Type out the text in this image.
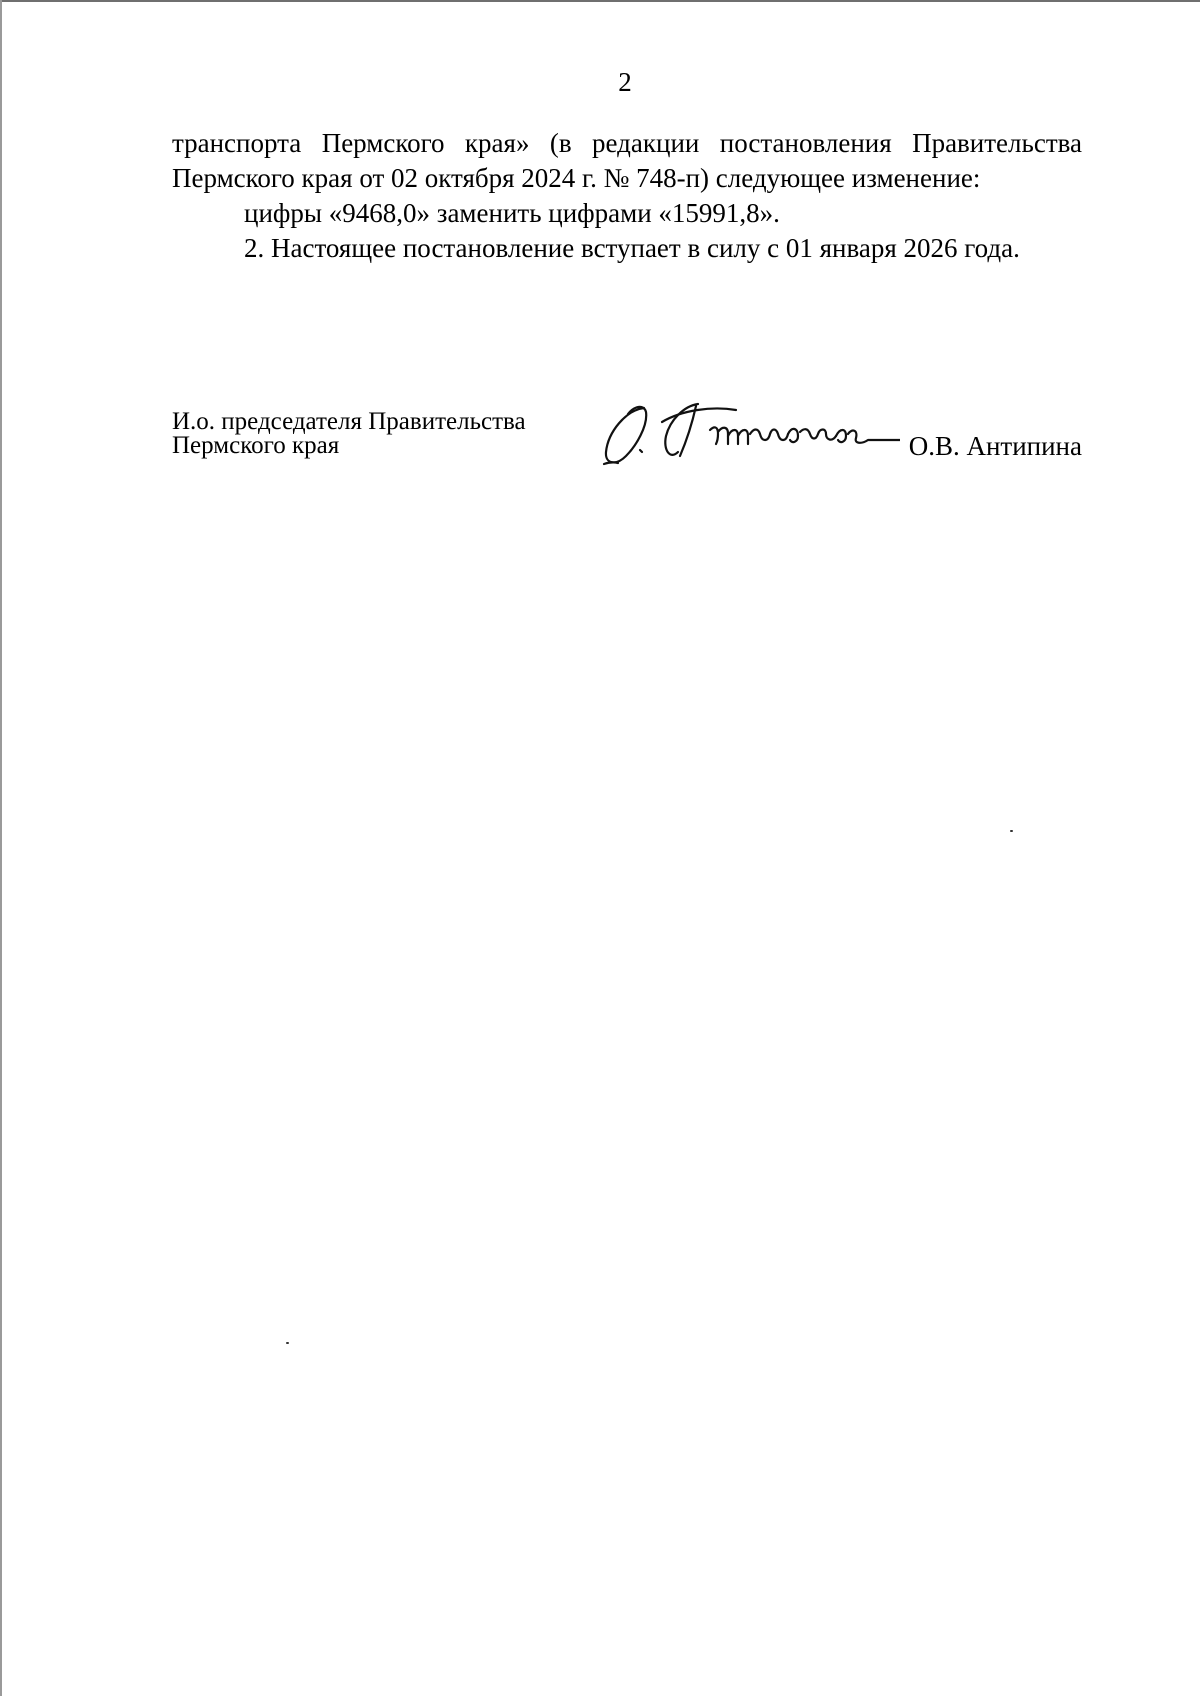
2

транспорта Пермского края» (в редакции постановления Правительства Пермского края от 02 октября 2024 г. № 748-п) следующее изменение:

цифры «9468,0» заменить цифрами «15991,8».

2. Настоящее постановление вступает в силу с 01 января 2026 года.

И.о. председателя Правительства
Пермского края	О.В. Антипина
